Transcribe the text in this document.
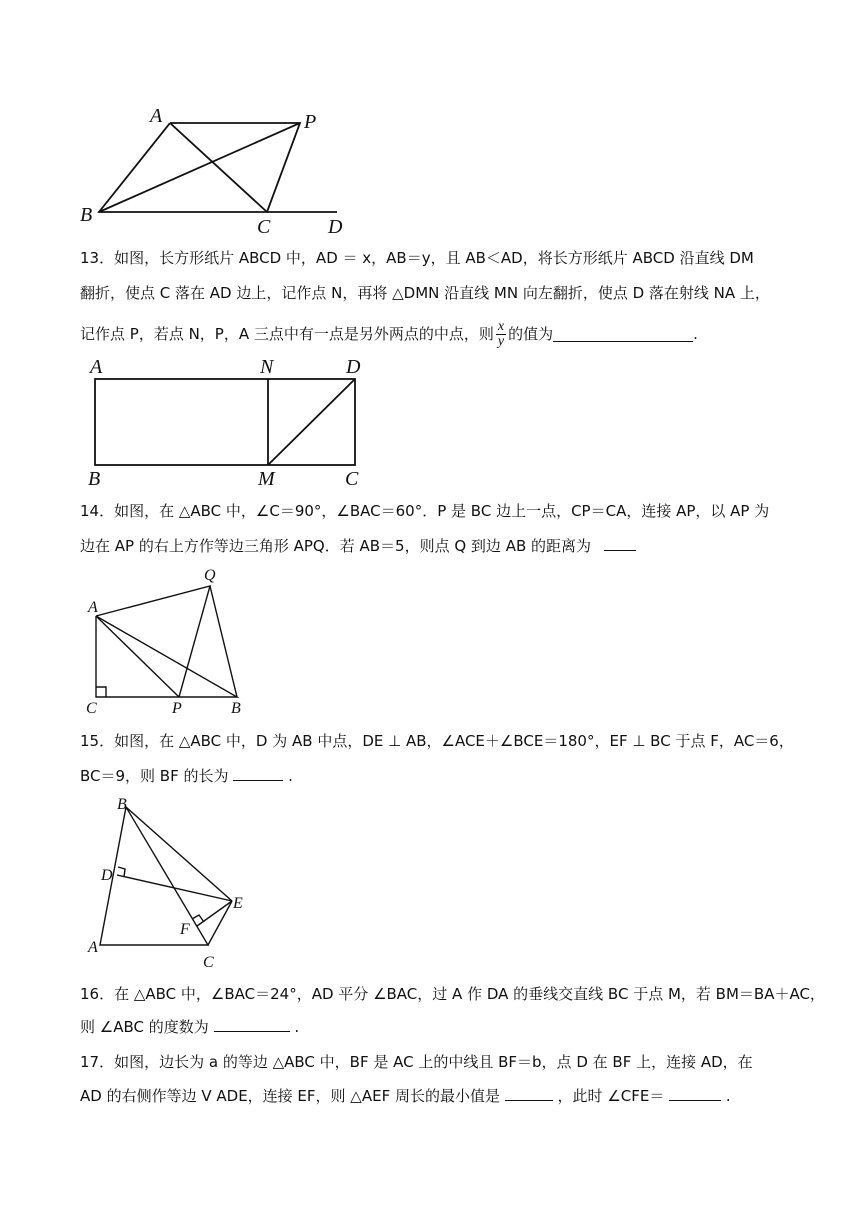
A	P
B
C	D
13．如图，长方形纸片 ABCD 中，AD ＝ x，AB＝y，且 AB＜AD，将长方形纸片 ABCD 沿直线 DM
翻折，使点 C 落在 AD 边上，记作点 N，再将 △DMN 沿直线 MN 向左翻折，使点 D 落在射线 NA 上，
记作点 P，若点 N，P，A 三点中有一点是另外两点的中点，则 $\frac{x}{y}$ 的值为	.
A	N	D
B	M	C
14．如图，在 △ABC 中，∠C＝90°，∠BAC＝60°．P 是 BC 边上一点，CP＝CA，连接 AP，以 AP 为
边在 AP 的右上方作等边三角形 APQ．若 AB＝5，则点 Q 到边 AB 的距离为
Q
A
C	P	B
15．如图，在 △ABC 中，D 为 AB 中点，DE ⊥ AB，∠ACE＋∠BCE＝180°，EF ⊥ BC 于点 F，AC＝6，
BC＝9，则 BF 的长为	.
B
D
E
F
A
C
16．在 △ABC 中，∠BAC＝24°，AD 平分 ∠BAC，过 A 作 DA 的垂线交直线 BC 于点 M，若 BM＝BA＋AC，
则 ∠ABC 的度数为	.
17．如图，边长为 a 的等边 △ABC 中，BF 是 AC 上的中线且 BF＝b，点 D 在 BF 上，连接 AD，在
AD 的右侧作等边 V ADE，连接 EF，则 △AEF 周长的最小值是	，此时 ∠CFE＝	.
